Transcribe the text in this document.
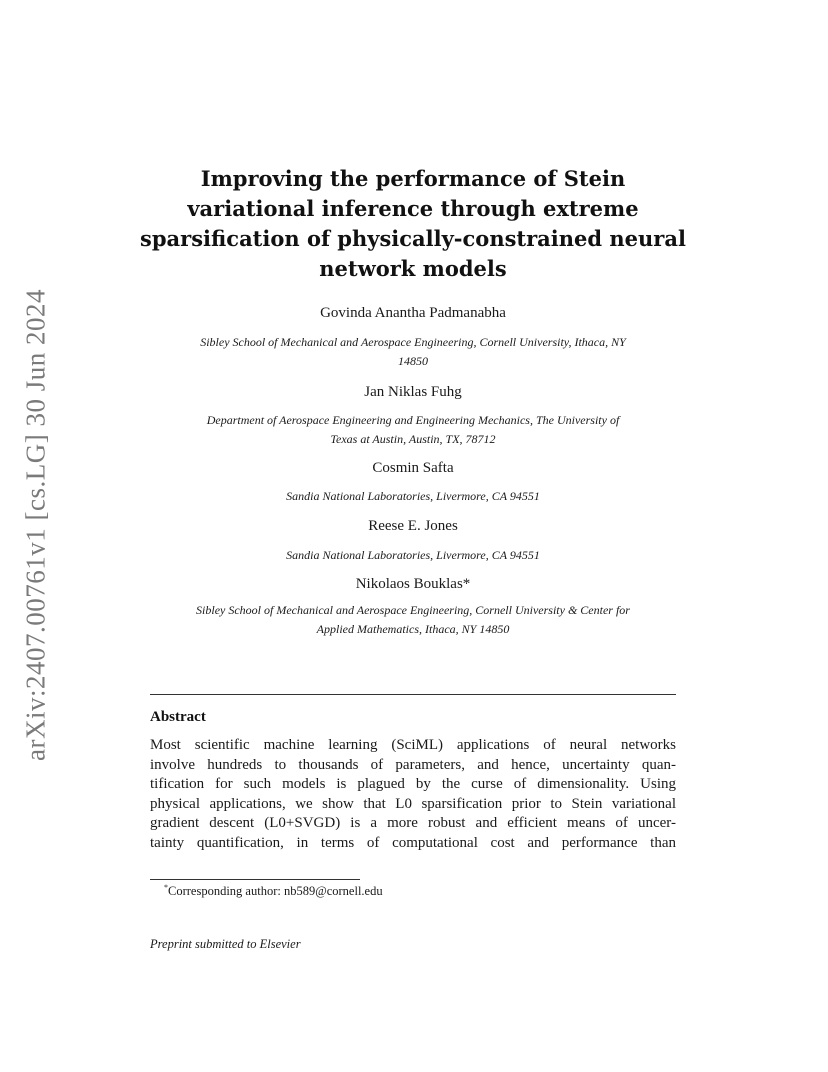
arXiv:2407.00761v1 [cs.LG] 30 Jun 2024
Improving the performance of Stein
variational inference through extreme
sparsification of physically-constrained neural
network models
Govinda Anantha Padmanabha
Sibley School of Mechanical and Aerospace Engineering, Cornell University, Ithaca, NY
14850
Jan Niklas Fuhg
Department of Aerospace Engineering and Engineering Mechanics, The University of
Texas at Austin, Austin, TX, 78712
Cosmin Safta
Sandia National Laboratories, Livermore, CA 94551
Reese E. Jones
Sandia National Laboratories, Livermore, CA 94551
Nikolaos Bouklas*
Sibley School of Mechanical and Aerospace Engineering, Cornell University & Center for
Applied Mathematics, Ithaca, NY 14850
Abstract
Most scientific machine learning (SciML) applications of neural networks
involve hundreds to thousands of parameters, and hence, uncertainty quan-
tification for such models is plagued by the curse of dimensionality. Using
physical applications, we show that L0 sparsification prior to Stein variational
gradient descent (L0+SVGD) is a more robust and efficient means of uncer-
tainty quantification, in terms of computational cost and performance than
*Corresponding author: nb589@cornell.edu
Preprint submitted to Elsevier
